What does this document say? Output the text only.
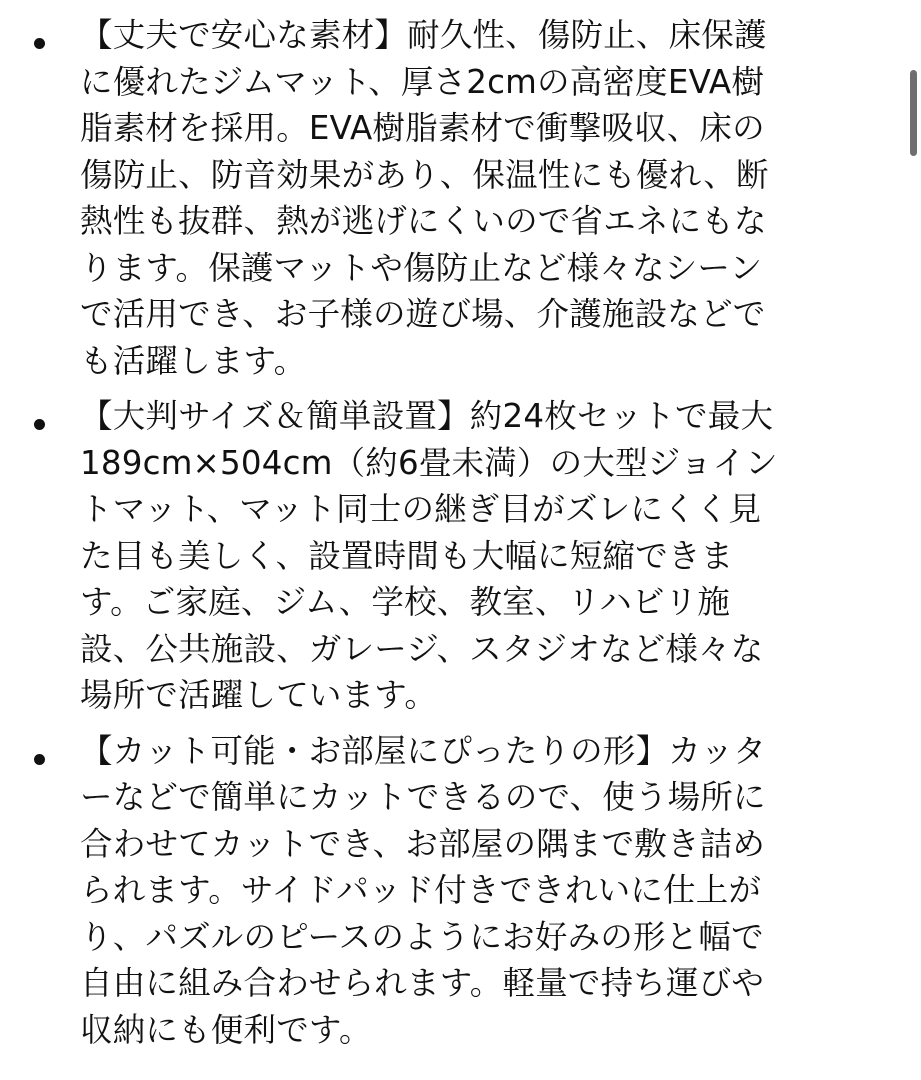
【丈夫で安心な素材】耐久性、傷防止、床保護
に優れたジムマット、厚さ2cmの高密度EVA樹
脂素材を採用。EVA樹脂素材で衝撃吸収、床の
傷防止、防音効果があり、保温性にも優れ、断
熱性も抜群、熱が逃げにくいので省エネにもな
ります。保護マットや傷防止など様々なシーン
で活用でき、お子様の遊び場、介護施設などで
も活躍します。
【大判サイズ＆簡単設置】約24枚セットで最大
189cm×504cm（約6畳未満）の大型ジョイン
トマット、マット同士の継ぎ目がズレにくく見
た目も美しく、設置時間も大幅に短縮できま
す。ご家庭、ジム、学校、教室、リハビリ施
設、公共施設、ガレージ、スタジオなど様々な
場所で活躍しています。
【カット可能・お部屋にぴったりの形】カッタ
ーなどで簡単にカットできるので、使う場所に
合わせてカットでき、お部屋の隅まで敷き詰め
られます。サイドパッド付きできれいに仕上が
り、パズルのピースのようにお好みの形と幅で
自由に組み合わせられます。軽量で持ち運びや
収納にも便利です。
